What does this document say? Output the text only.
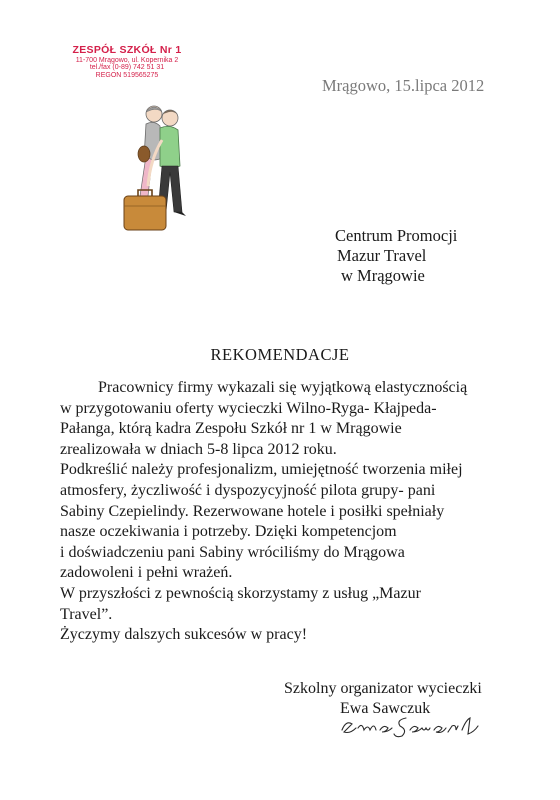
ZESPÓŁ SZKÓŁ Nr 1
11-700 Mrągowo, ul. Kopernika 2
tel./fax (0-89) 742 51 31
REGON 519565275
Mrągowo, 15.lipca 2012
Centrum Promocji
Mazur Travel
w Mrągowie
REKOMENDACJE

Pracownicy firmy wykazali się wyjątkową elastycznością

w przygotowaniu oferty wycieczki Wilno-Ryga- Kłajpeda-

Pałanga, którą kadra Zespołu Szkół nr 1 w Mrągowie

zrealizowała w dniach 5-8 lipca 2012 roku.

Podkreślić należy profesjonalizm, umiejętność tworzenia miłej

atmosfery, życzliwość i dyspozycyjność pilota grupy- pani

Sabiny Czepielindy. Rezerwowane hotele i posiłki spełniały

nasze oczekiwania i potrzeby. Dzięki kompetencjom

i doświadczeniu pani Sabiny wróciliśmy do Mrągowa

zadowoleni i pełni wrażeń.

W przyszłości z pewnością skorzystamy z usług „Mazur

Travel”.

Życzymy dalszych sukcesów w pracy!

Szkolny organizator wycieczki
Ewa Sawczuk
